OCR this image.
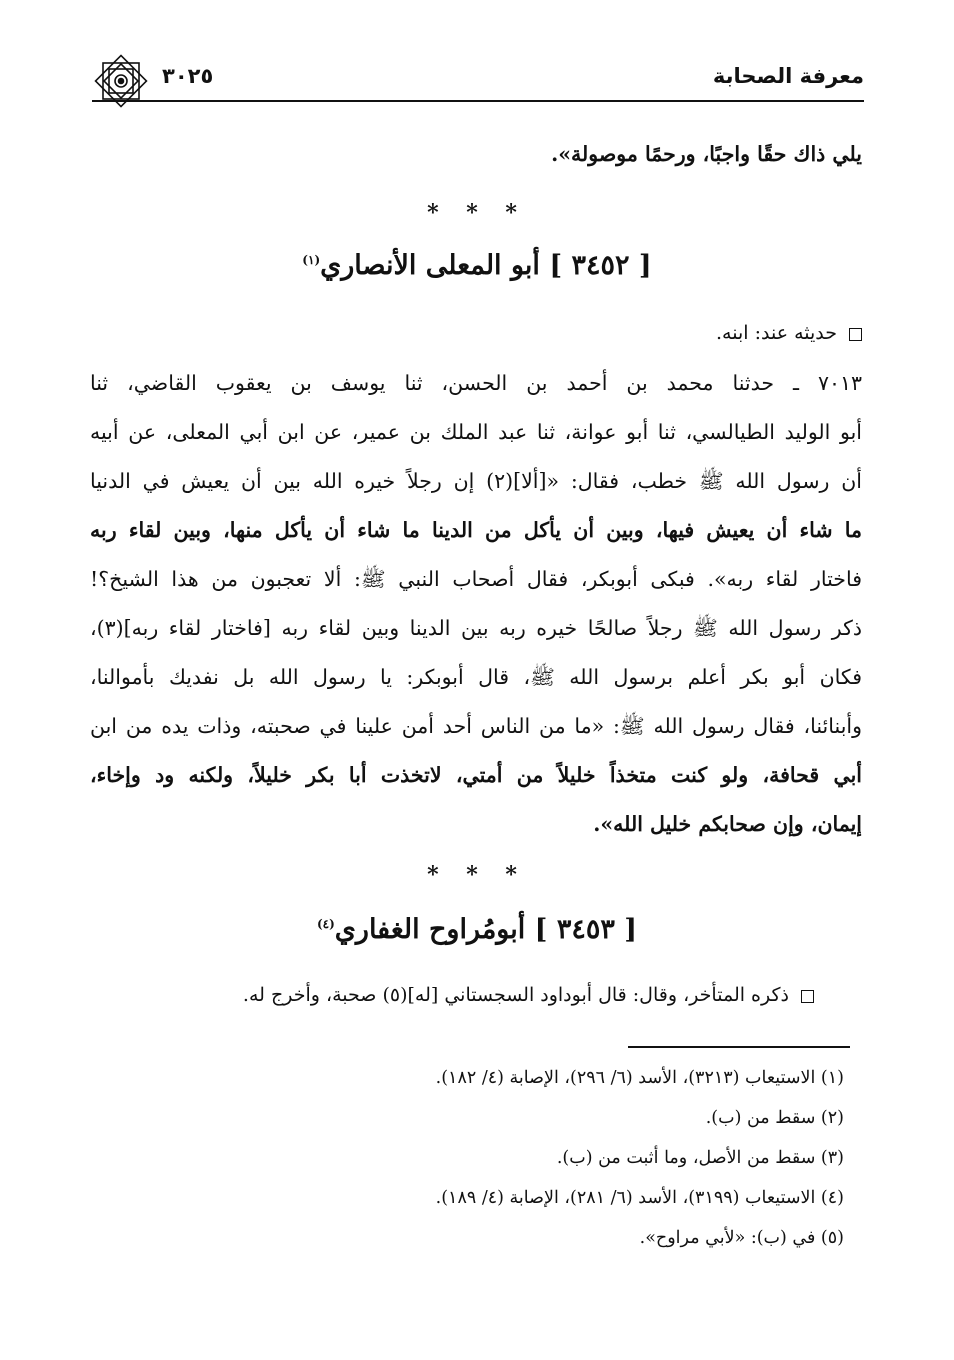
معرفة الصحابة
٣٠٢٥
يلي ذاك حقًا واجبًا، ورحمًا موصولة».
* * *
[ ٣٤٥٢ ] أبو المعلى الأنصاري$^{(١)}$
حديثه عند: ابنه.
٧٠١٣ ـ حدثنا محمد بن أحمد بن الحسن، ثنا يوسف بن يعقوب القاضي، ثنا
أبو الوليد الطيالسي، ثنا أبو عوانة، ثنا عبد الملك بن عمير، عن ابن أبي المعلى، عن أبيه
أن رسول الله ﷺ خطب، فقال: «[ألا](٢) إن رجلاً خيره الله بين أن يعيش في الدنيا
ما شاء أن يعيش فيها، وبين أن يأكل من الدينا ما شاء أن يأكل منها، وبين لقاء ربه
فاختار لقاء ربه». فبكى أبوبكر، فقال أصحاب النبي ﷺ: ألا تعجبون من هذا الشيخ؟!
ذكر رسول الله ﷺ رجلاً صالحًا خيره ربه بين الدينا وبين لقاء ربه [فاختار لقاء ربه](٣)،
فكان أبو بكر أعلم برسول الله ﷺ، قال أبوبكر: يا رسول الله بل نفديك بأموالنا،
وأبنائنا، فقال رسول الله ﷺ: «ما من الناس أحد أمن علينا في صحبته، وذات يده من ابن
أبي قحافة، ولو كنت متخذاً خليلاً من أمتي، لاتخذت أبا بكر خليلاً، ولكنه ود وإخاء،
إيمان، وإن صحابكم خليل الله».
* * *
[ ٣٤٥٣ ] أبومُراوح الغفاري$^{(٤)}$
ذكره المتأخر، وقال: قال أبوداود السجستاني [له](٥) صحبة، وأخرج له.
(١) الاستيعاب (٣٢١٣)، الأسد (٦/ ٢٩٦)، الإصابة (٤/ ١٨٢).
(٢) سقط من (ب).
(٣) سقط من الأصل، وما أثبت من (ب).
(٤) الاستيعاب (٣١٩٩)، الأسد (٦/ ٢٨١)، الإصابة (٤/ ١٨٩).
(٥) في (ب): «لأبي مراوح».
